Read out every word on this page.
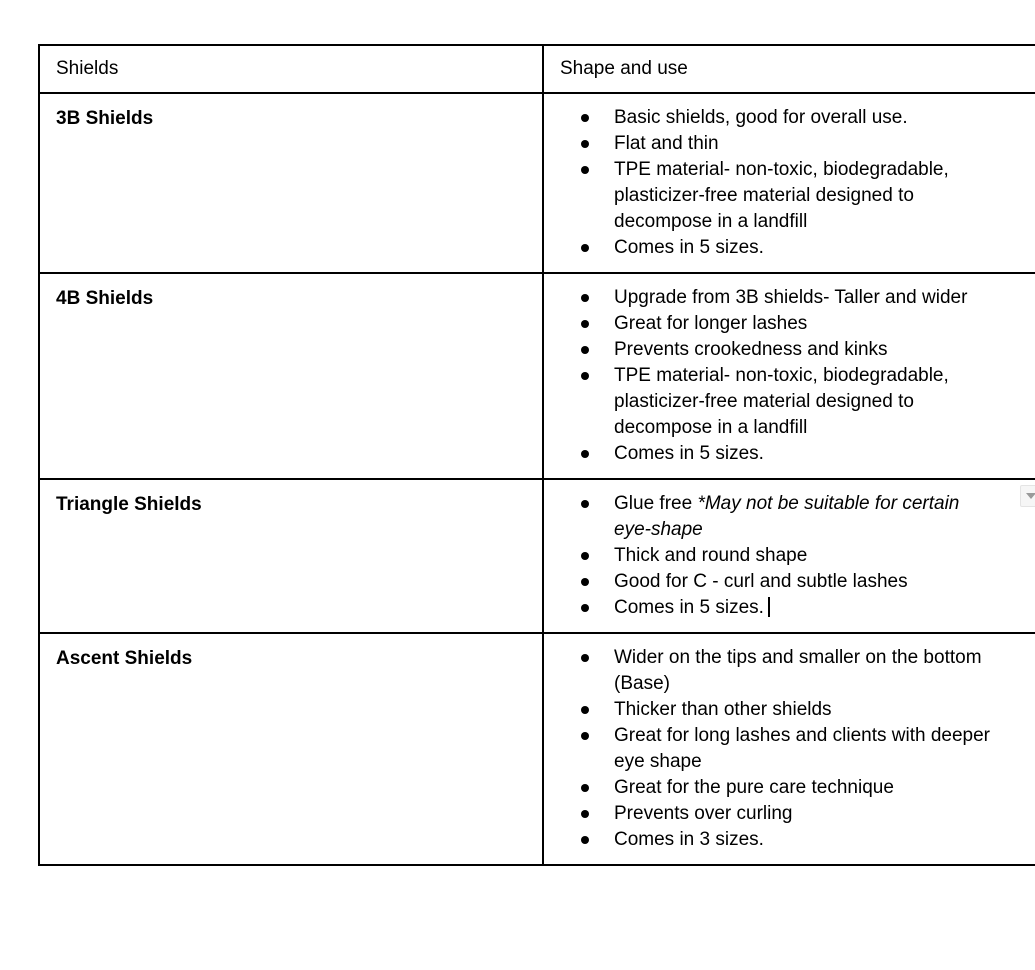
Shields	Shape and use
3B Shields	Basic shields, good for overall use.
Flat and thin
TPE material- non-toxic, biodegradable, plasticizer-free material designed to decompose in a landfill
Comes in 5 sizes.

4B Shields	Upgrade from 3B shields- Taller and wider
Great for longer lashes
Prevents crookedness and kinks
TPE material- non-toxic, biodegradable, plasticizer-free material designed to decompose in a landfill
Comes in 5 sizes.

Triangle Shields	Glue free *May not be suitable for certain eye-shape
Thick and round shape
Good for C - curl and subtle lashes
Comes in 5 sizes.

Ascent Shields	Wider on the tips and smaller on the bottom (Base)
Thicker than other shields
Great for long lashes and clients with deeper eye shape
Great for the pure care technique
Prevents over curling
Comes in 3 sizes.
